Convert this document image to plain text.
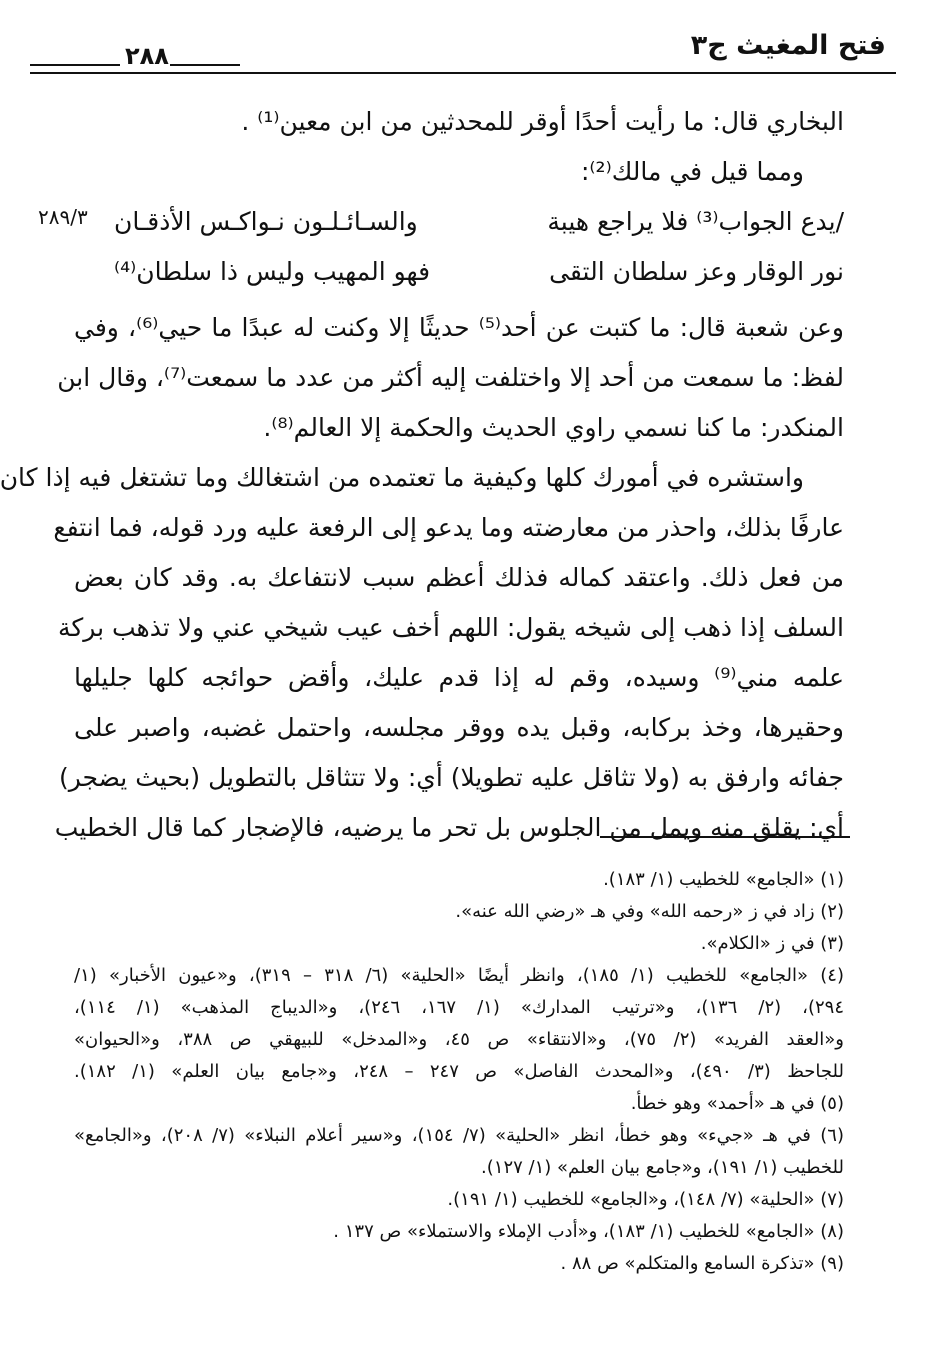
فتح المغيث ج٣
٢٨٨
٢٨٩/٣
البخاري قال: ما رأيت أحدًا أوقر للمحدثين من ابن معين⁽¹⁾ .
ومما قيل في مالك⁽²⁾:
/يدع الجواب⁽³⁾ فلا يراجع هيبة
والسـائـلـون نـواكـس الأذقـان
نور الوقار وعز سلطان التقى
فهو المهيب وليس ذا سلطان⁽⁴⁾
وعن شعبة قال: ما كتبت عن أحد⁽⁵⁾ حديثًا إلا وكنت له عبدًا ما حيي⁽⁶⁾، وفي
لفظ: ما سمعت من أحد إلا واختلفت إليه أكثر من عدد ما سمعت⁽⁷⁾، وقال ابن
المنكدر: ما كنا نسمي راوي الحديث والحكمة إلا العالم⁽⁸⁾.
واستشره في أمورك كلها وكيفية ما تعتمده من اشتغالك وما تشتغل فيه إذا كان
عارفًا بذلك، واحذر من معارضته وما يدعو إلى الرفعة عليه ورد قوله، فما انتفع
من فعل ذلك. واعتقد كماله فذلك أعظم سبب لانتفاعك به. وقد كان بعض
السلف إذا ذهب إلى شيخه يقول: اللهم أخف عيب شيخي عني ولا تذهب بركة
علمه مني⁽⁹⁾ وسيده، وقم له إذا قدم عليك، وأقض حوائجه كلها جليلها
وحقيرها، وخذ بركابه، وقبل يده ووقر مجلسه، واحتمل غضبه، واصبر على
جفائه وارفق به (ولا تثاقل عليه تطويلا) أي: ولا تتثاقل بالتطويل (بحيث يضجر)
أي: يقلق منه ويمل من الجلوس بل تحر ما يرضيه، فالإضجار كما قال الخطيب
(١) «الجامع» للخطيب (١/ ١٨٣).
(٢) زاد في ز «رحمه الله» وفي هـ «رضي الله عنه».
(٣) في ز «الكلام».
(٤) «الجامع» للخطيب (١/ ١٨٥)، وانظر أيضًا «الحلية» (٦/ ٣١٨ – ٣١٩)، و«عيون الأخبار» (١/
٢٩٤)، (٢/ ١٣٦)، و«ترتيب المدارك» (١/ ١٦٧، ٢٤٦)، و«الديباج المذهب» (١/ ١١٤)،
و«العقد الفريد» (٢/ ٧٥)، و«الانتقاء» ص ٤٥، و«المدخل» للبيهقي ص ٣٨٨، و«الحيوان»
للجاحظ (٣/ ٤٩٠)، و«المحدث الفاصل» ص ٢٤٧ – ٢٤٨، و«جامع بيان العلم» (١/ ١٨٢).
(٥) في هـ «أحمد» وهو خطأ.
(٦) في هـ «جيء» وهو خطأ، انظر «الحلية» (٧/ ١٥٤)، و«سير أعلام النبلاء» (٧/ ٢٠٨)، و«الجامع»
للخطيب (١/ ١٩١)، و«جامع بيان العلم» (١/ ١٢٧).
(٧) «الحلية» (٧/ ١٤٨)، و«الجامع» للخطيب (١/ ١٩١).
(٨) «الجامع» للخطيب (١/ ١٨٣)، و«أدب الإملاء والاستملاء» ص ١٣٧ .
(٩) «تذكرة السامع والمتكلم» ص ٨٨ .
